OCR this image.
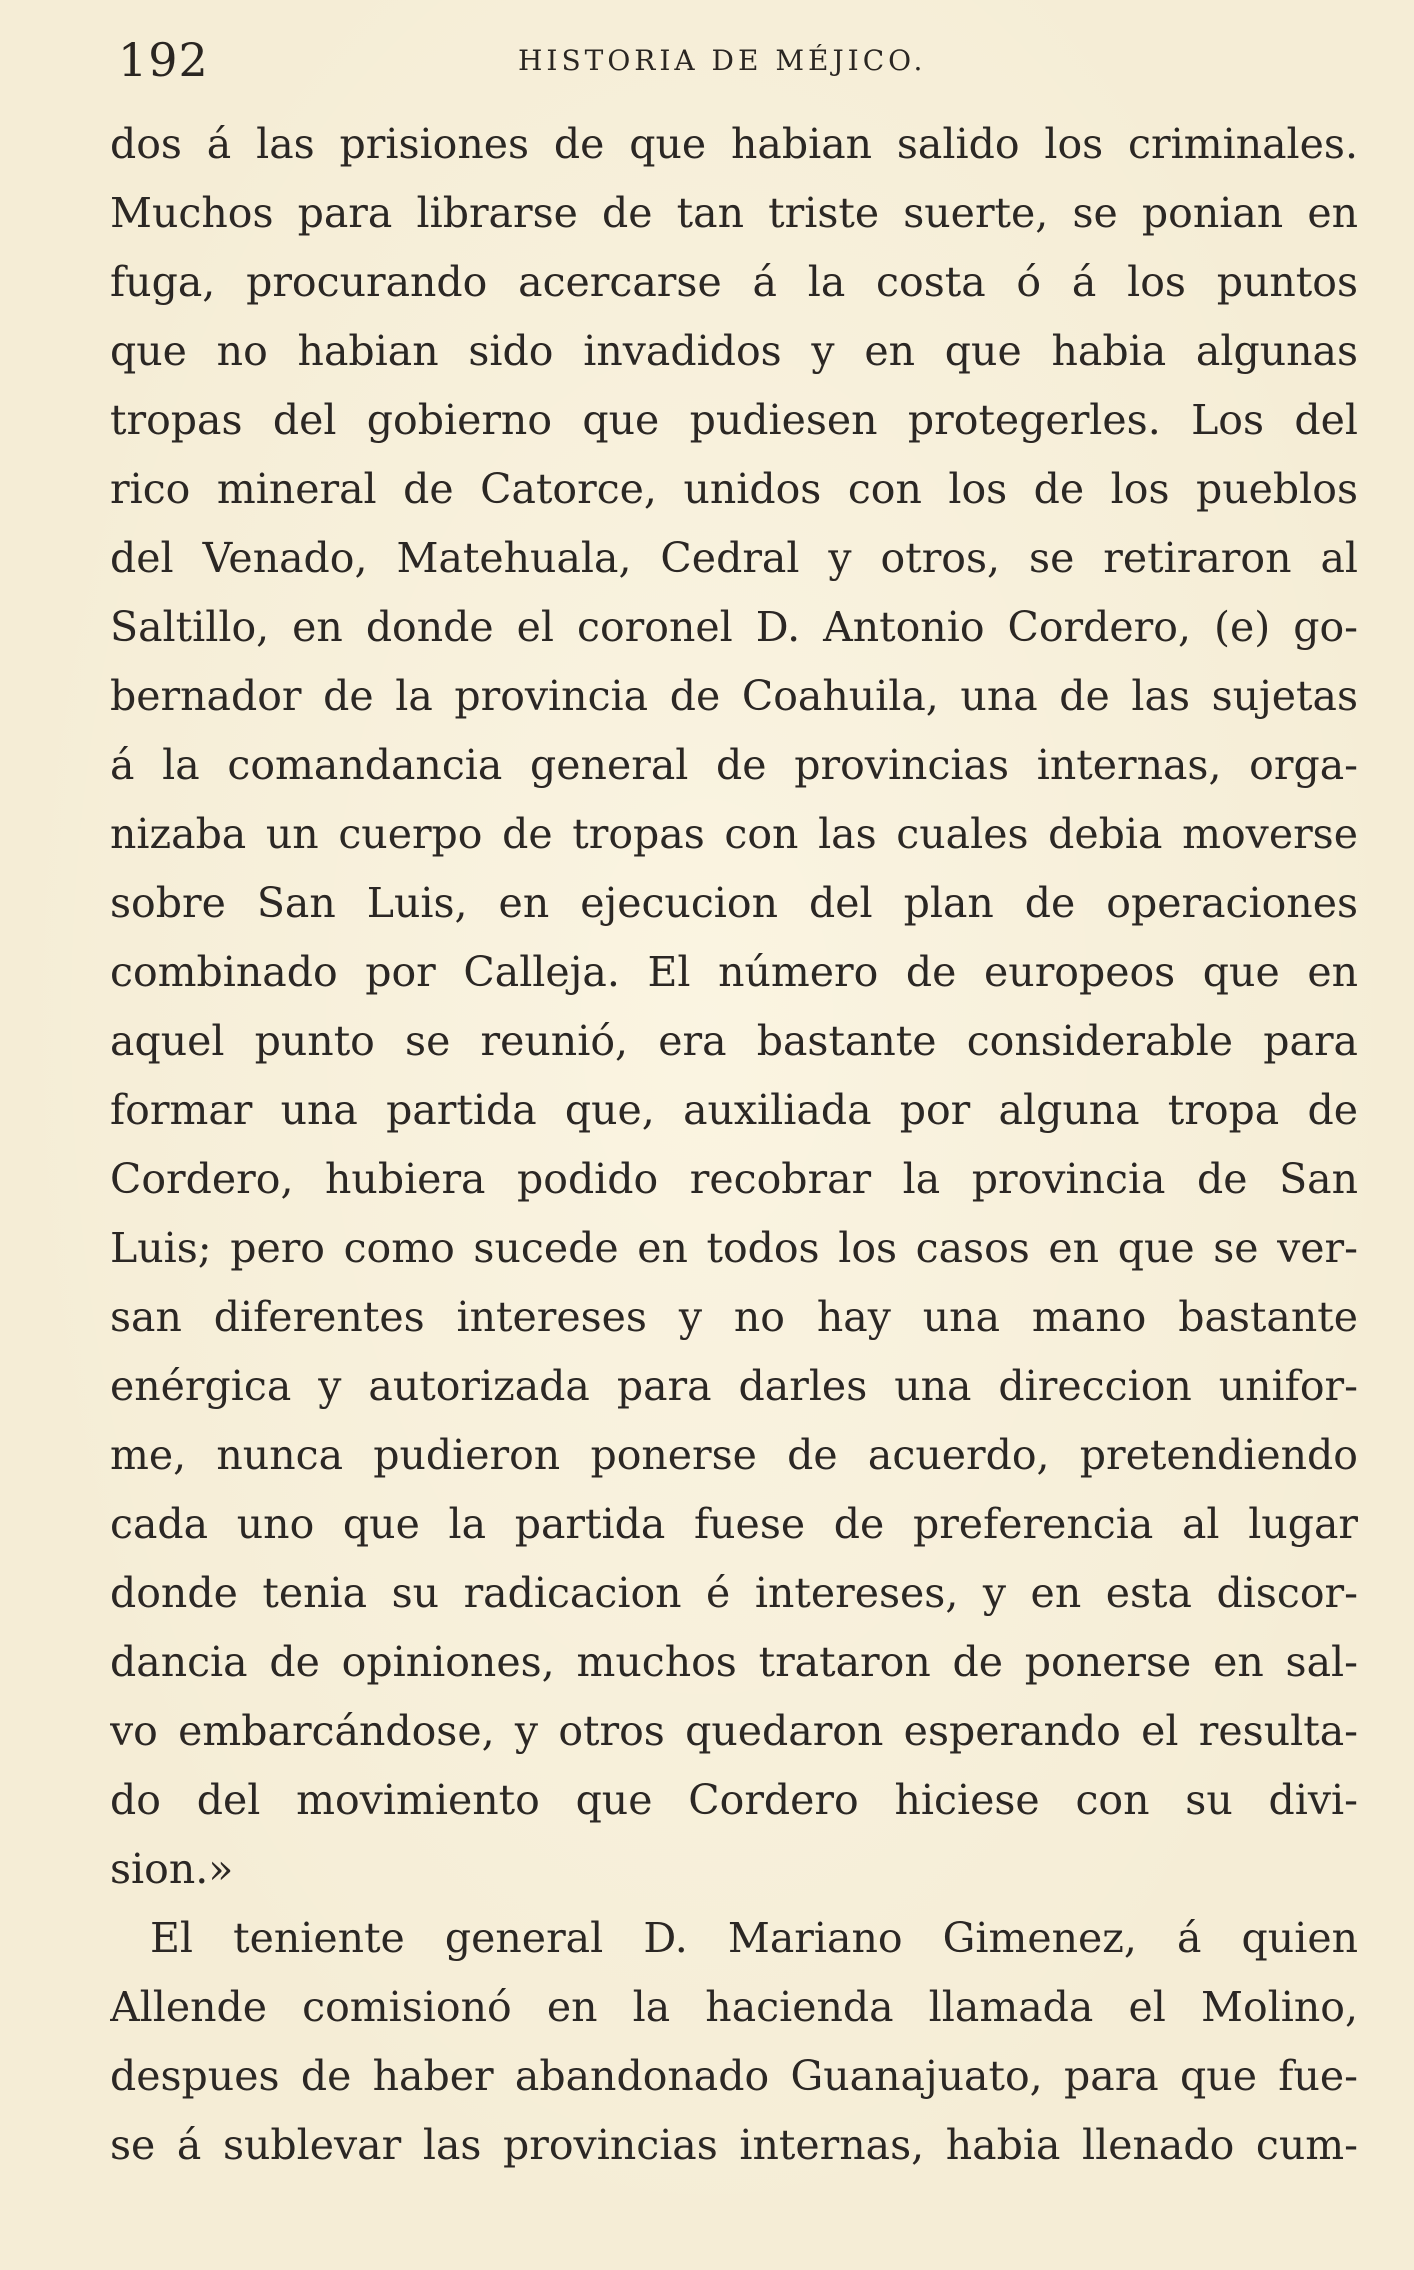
192	HISTORIA DE MÉJICO.
dos á las prisiones de que habian salido los criminales.
Muchos para librarse de tan triste suerte, se ponian en
fuga, procurando acercarse á la costa ó á los puntos
que no habian sido invadidos y en que habia algunas
tropas del gobierno que pudiesen protegerles. Los del
rico mineral de Catorce, unidos con los de los pueblos
del Venado, Matehuala, Cedral y otros, se retiraron al
Saltillo, en donde el coronel D. Antonio Cordero, (e) go-
bernador de la provincia de Coahuila, una de las sujetas
á la comandancia general de provincias internas, orga-
nizaba un cuerpo de tropas con las cuales debia moverse
sobre San Luis, en ejecucion del plan de operaciones
combinado por Calleja. El número de europeos que en
aquel punto se reunió, era bastante considerable para
formar una partida que, auxiliada por alguna tropa de
Cordero, hubiera podido recobrar la provincia de San
Luis; pero como sucede en todos los casos en que se ver-
san diferentes intereses y no hay una mano bastante
enérgica y autorizada para darles una direccion unifor-
me, nunca pudieron ponerse de acuerdo, pretendiendo
cada uno que la partida fuese de preferencia al lugar
donde tenia su radicacion é intereses, y en esta discor-
dancia de opiniones, muchos trataron de ponerse en sal-
vo embarcándose, y otros quedaron esperando el resulta-
do del movimiento que Cordero hiciese con su divi-
sion.»
El teniente general D. Mariano Gimenez, á quien
Allende comisionó en la hacienda llamada el Molino,
despues de haber abandonado Guanajuato, para que fue-
se á sublevar las provincias internas, habia llenado cum-
